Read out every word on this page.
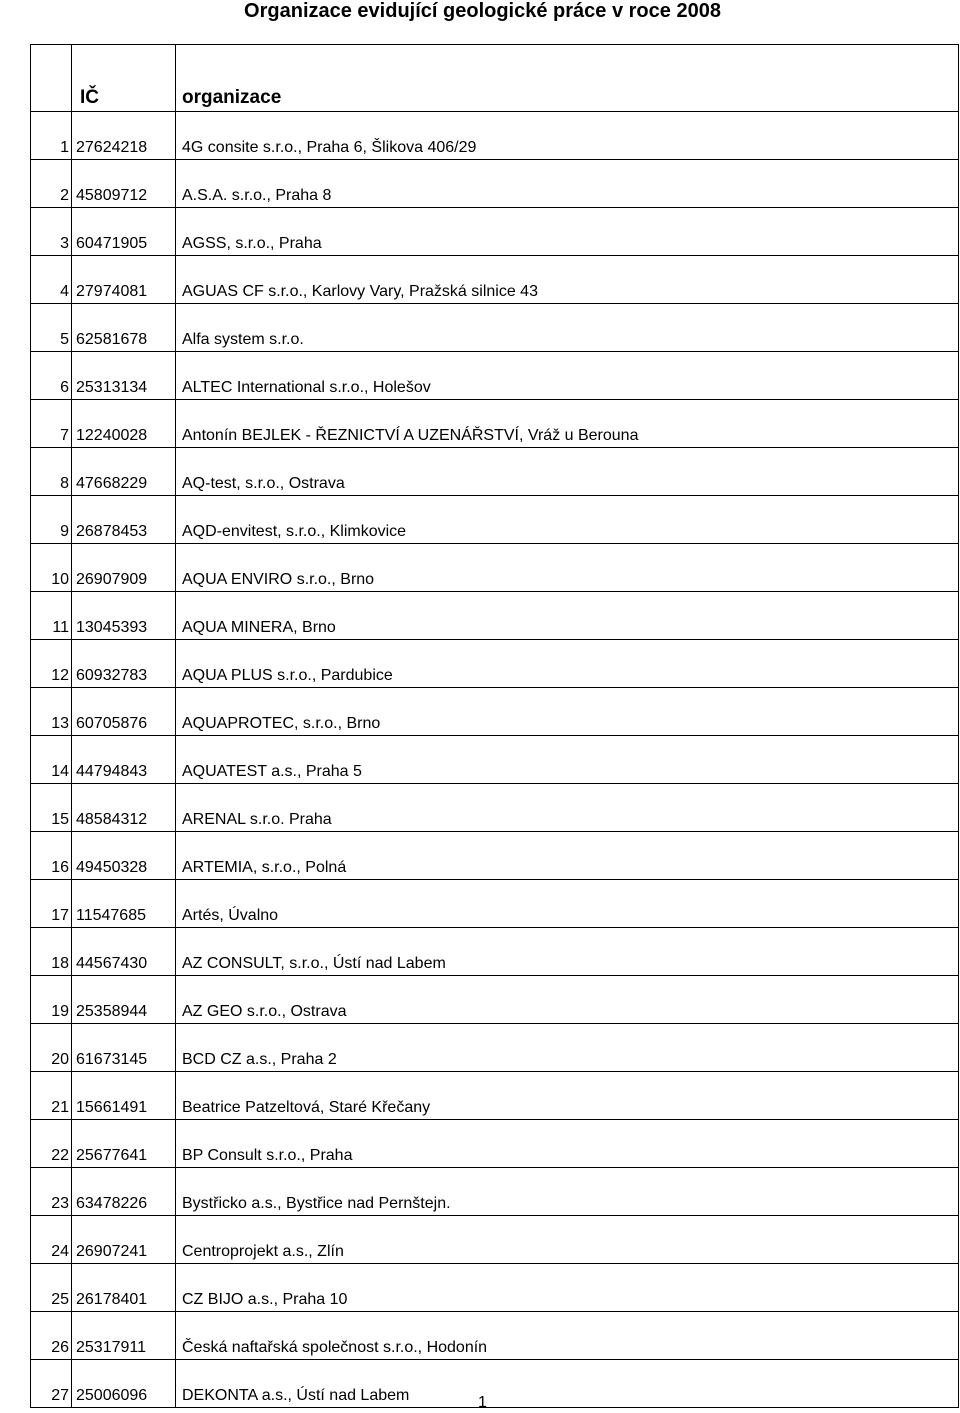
Organizace evidující geologické práce v roce 2008
	IČ	organizace
1	27624218	4G consite s.r.o., Praha 6, Šlikova 406/29
2	45809712	A.S.A. s.r.o., Praha 8
3	60471905	AGSS, s.r.o., Praha
4	27974081	AGUAS CF s.r.o., Karlovy Vary, Pražská silnice 43
5	62581678	Alfa system s.r.o.
6	25313134	ALTEC International s.r.o., Holešov
7	12240028	Antonín BEJLEK - ŘEZNICTVÍ A UZENÁŘSTVÍ, Vráž u Berouna
8	47668229	AQ-test, s.r.o., Ostrava
9	26878453	AQD-envitest, s.r.o., Klimkovice
10	26907909	AQUA ENVIRO s.r.o., Brno
11	13045393	AQUA MINERA, Brno
12	60932783	AQUA PLUS s.r.o., Pardubice
13	60705876	AQUAPROTEC, s.r.o., Brno
14	44794843	AQUATEST a.s., Praha 5
15	48584312	ARENAL s.r.o. Praha
16	49450328	ARTEMIA, s.r.o., Polná
17	11547685	Artés, Úvalno
18	44567430	AZ CONSULT, s.r.o., Ústí nad Labem
19	25358944	AZ GEO s.r.o., Ostrava
20	61673145	BCD CZ a.s., Praha 2
21	15661491	Beatrice Patzeltová, Staré Křečany
22	25677641	BP Consult s.r.o., Praha
23	63478226	Bystřicko a.s., Bystřice nad Pernštejn.
24	26907241	Centroprojekt a.s., Zlín
25	26178401	CZ BIJO a.s., Praha 10
26	25317911	Česká naftařská společnost s.r.o., Hodonín
27	25006096	DEKONTA a.s., Ústí nad Labem	1
